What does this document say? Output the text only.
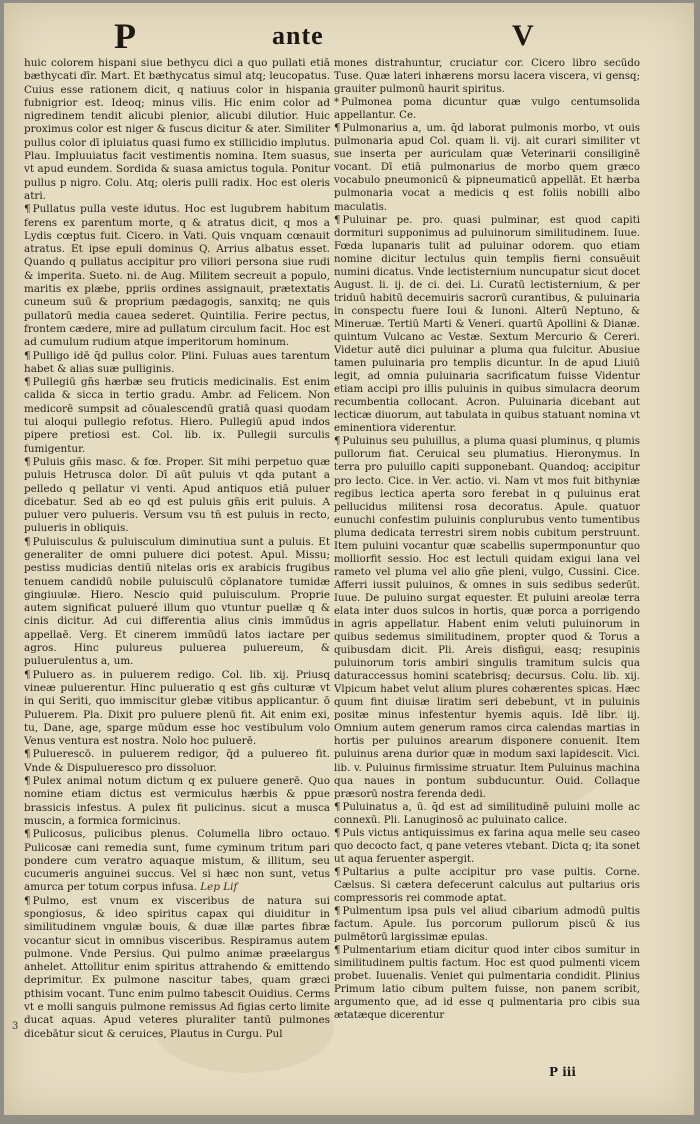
P	ante	V

huic colorem hispani siue bethycu dici a quo pullati etiā bæthycati dīr. Mart. Et bæthycatus simul atq; leucopatus. Cuius esse rationem dicit, q natiuus color in hispania fubnigrior est. Ideoq; minus vilis. Hic enim color ad nigredinem tendit alicubi plenior, alicubi dilutior. Huic proximus color est niger & fuscus dicitur & ater. Similiter pullus color dī ipluiatus quasi fumo ex stillicidio implutus. Plau. Impluuiatus facit vestimentis nomina. Item suasus, vt apud eundem. Sordida & suasa amictus togula. Ponitur pullus p nigro. Colu. Atq; oleris pulli radix. Hoc est oleris atri.

¶ Pullatus pulla veste idutus. Hoc est lugubrem habitum ferens ex parentum morte, q & atratus dicit, q mos a Lydis cœptus fuit. Cicero. in Vati. Quis vnquam cœnauit atratus. Et ipse epuli dominus Q. Arrius albatus esset. Quando q pullatus accipitur pro viliori persona siue rudi & imperita. Sueto. ni. de Aug. Militem secreuit a populo, maritis ex plæbe, ppriis ordines assignauit, prætextatis cuneum suū & proprium pædagogis, sanxitq; ne quis pullatorū media cauea sederet. Quintilia. Ferire pectus, frontem cædere, mire ad pullatum circulum facit. Hoc est ad cumulum rudium atque imperitorum hominum.

¶ Pulligo idē q̄d pullus color. Plini. Fuluas aues tarentum habet & alias suæ pulliginis.

¶ Pullegiū gn̄s hærbæ seu fruticis medicinalis. Est enim calida & sicca in tertio gradu. Ambr. ad Felicem. Non medicorē sumpsit ad cōualescendū gratiā quasi quodam tui aloqui pullegio refotus. Hiero. Pullegiū apud indos pipere pretiosi est. Col. lib. ix. Pullegii surculis fumigentur.

¶ Puluis gn̄is masc. & fœ. Proper. Sit mihi perpetuo quæ puluis Hetrusca dolor. Dī aūt puluis vt qda putant a pelledo q pellatur vi venti. Apud antiquos etiā puluer dicebatur. Sed ab eo qd est puluis gn̄is erit puluis. A puluer vero pulueris. Versum vsu tn̄ est puluis in recto, pulueris in obliquis.

¶ Puluisculus & puluisculum diminutiua sunt a puluis. Et generaliter de omni puluere dici potest. Apul. Missu; pestiss mudicias dentiū nitelas oris ex arabicis frugibus tenuem candidū nobile puluisculū cōplanatore tumidæ gingiuulæ. Hiero. Nescio quid puluisculum. Proprie autem significat pulueré illum quo vtuntur puellæ q & cinis dicitur. Ad cui differentia alius cinis immūdus appellaē. Verg. Et cinerem immūdū latos iactare per agros. Hinc pulureus puluerea puluereum, & puluerulentus a, um.

¶ Puluero as. in puluerem redigo. Col. lib. xij. Priusq vineæ puluerentur. Hinc pulueratio q est gn̄s culturæ vt in qui Seriti, quo immiscitur glebæ vitibus applicantur. ō Puluerem. Pla. Dixit pro puluere plenū fit. Ait enim exi, tu, Dane, age, sparge mūdum esse hoc vestibulum volo Venus ventura est nostra. Nolo hoc puluerē.

¶ Puluerescō. in puluerem redigor, q̄d a puluereo fit. Vnde & Dispulueresco pro dissoluor.

¶ Pulex animal notum dictum q ex puluere generē. Quo nomine etiam dictus est vermiculus hærbis & ppue brassicis infestus. A pulex fit pulicinus. sicut a musca muscin, a formica formicinus.

¶ Pulicosus, pulicibus plenus. Columella libro octauo. Pulicosæ cani remedia sunt, fume cyminum tritum pari pondere cum veratro aquaque mistum, & illitum, seu cucumeris anguinei succus. Vel si hæc non sunt, vetus amurca per totum corpus infusa. Lep Lif

¶ Pulmo, est vnum ex visceribus de natura sui spongiosus, & ideo spiritus capax qui diuiditur in similitudinem vngulæ bouis, & duæ illæ partes fibræ vocantur sicut in omnibus visceribus. Respiramus autem pulmone. Vnde Persius. Qui pulmo animæ præelargus anhelet. Attollitur enim spiritus attrahendo & emittendo deprimitur. Ex pulmone nascitur tabes, quam græci pthisim vocant. Tunc enim pulmo tabescit Ouidius. Cerms vt e molli sanguis pulmone remissus Ad figias certo limite ducat aquas. Apud veteres pluraliter tantū pulmones dicebātur sicut & ceruices, Plautus in Curgu. Pul

mones distrahuntur, cruciatur cor. Cicero libro secūdo Tuse. Quæ lateri inhærens morsu lacera viscera, vi gensq; grauiter pulmonū haurit spiritus.

* Pulmonea poma dicuntur quæ vulgo centumsolida appellantur. Ce.

¶ Pulmonarius a, um. q̄d laborat pulmonis morbo, vt ouis pulmonaria apud Col. quam li. vij. ait curari similiter vt sue inserta per auriculam quæ Veterinarii consiliginē vocant. Dī etiā pulmonarius de morbo quem græco vocabulo pneumonicū & pipneumaticū appellāt. Et hærba pulmonaria vocat a medicis q est foliis nobilli albo maculatis.

¶ Puluinar pe. pro. quasi pulminar, est quod capiti dormituri supponimus ad puluinorum similitudinem. Iuue. Fœda lupanaris tulit ad puluinar odorem. quo etiam nomine dicitur lectulus quin templis fierni consuēuit numini dicatus. Vnde lectisternium nuncupatur sicut docet August. li. ij. de ci. dei. Li. Curatū lectisternium, & per triduū habitū decemuiris sacrorū curantibus, & puluinaria in conspectu fuere Ioui & Iunoni. Alterū Neptuno, & Mineruæ. Tertiū Marti & Veneri. quartū Apollini & Dianæ. quintum Vulcano ac Vestæ. Sextum Mercurio & Cereri. Videtur autē dici puluinar a pluma qua fulcitur. Abusiue tamen puluinaria pro templis dicuntur. In de apud Liuiū legit, ad omnia puluinaria sacrificatum fuisse Videntur etiam accipi pro illis puluinis in quibus simulacra deorum recumbentia collocant. Acron. Puluinaria dicebant aut lecticæ diuorum, aut tabulata in quibus statuant nomina vt eminentiora viderentur.

¶ Puluinus seu puluillus, a pluma quasi pluminus, q plumis pullorum fiat. Ceruical seu plumatius. Hieronymus. In terra pro puluillo capiti supponebant. Quandoq; accipitur pro lecto. Cice. in Ver. actio. vi. Nam vt mos fuit bithyniæ regibus lectica aperta soro ferebat in q puluinus erat pellucidus militensi rosa decoratus. Apule. quatuor eunuchi confestim puluinis conplurubus vento tumentibus pluma dedicata terrestri sirem nobis cubitum perstruunt. Item puluini vocantur quæ scabellis supermponuntur quo molliorfit sessio. Hoc est lectuli quidam exigui lana vel rameto vel pluma vel alio gn̄e pleni, vulgo, Cussini. Cice. Afferri iussit puluinos, & omnes in suis sedibus sederūt. Iuue. De puluino surgat equester. Et puluini areolæ terra elata inter duos sulcos in hortis, quæ porca a porrigendo in agris appellatur. Habent enim veluti puluinorum in quibus sedemus similitudinem, propter quod & Torus a quibusdam dicit. Pli. Areis disfigui, easq; resupinis puluinorum toris ambiri singulis tramitum sulcis qua daturaccessus homini scatebrisq; decursus. Colu. lib. xij. Vlpicum habet velut alium plures cohærentes spicas. Hæc quum fint diuisæ liratim seri debebunt, vt in puluinis positæ minus infestentur hyemis aquis. Idē libr. iij. Omnium autem generum ramos circa calendas martias in hortis per puluinos arearum disponere conuenit. Item puluinus arena durior quæ in modum saxi lapidescit. Vici. lib. v. Puluinus firmissime struatur. Item Puluinus machina qua naues in pontum subducuntur. Ouid. Collaque præsorū nostra ferenda dedi.

¶ Puluinatus a, ū. q̄d est ad similitudinē puluini molle ac connexū. Pli. Lanuginosō ac puluinato calice.

¶ Puls victus antiquissimus ex farina aqua melle seu caseo quo decocto fact, q pane veteres vtebant. Dicta q; ita sonet ut aqua feruenter aspergit.

¶ Pultarius a pulte accipitur pro vase pultis. Corne. Cælsus. Si cætera defecerunt calculus aut pultarius oris compressoris rei commode aptat.

¶ Pulmentum ipsa puls vel aliud cibarium admodū pultis factum. Apule. Ius porcorum pullorum piscū & ius pulmētorū largissimæ epulas.

¶ Pulmentarium etiam dicitur quod inter cibos sumitur in similitudinem pultis factum. Hoc est quod pulmenti vicem probet. Iuuenalis. Veniet qui pulmentaria condidit. Plinius Primum latio cibum pultem fuisse, non panem scribit, argumento que, ad id esse q pulmentaria pro cibis sua ætatæque dicerentur

3
P iii
